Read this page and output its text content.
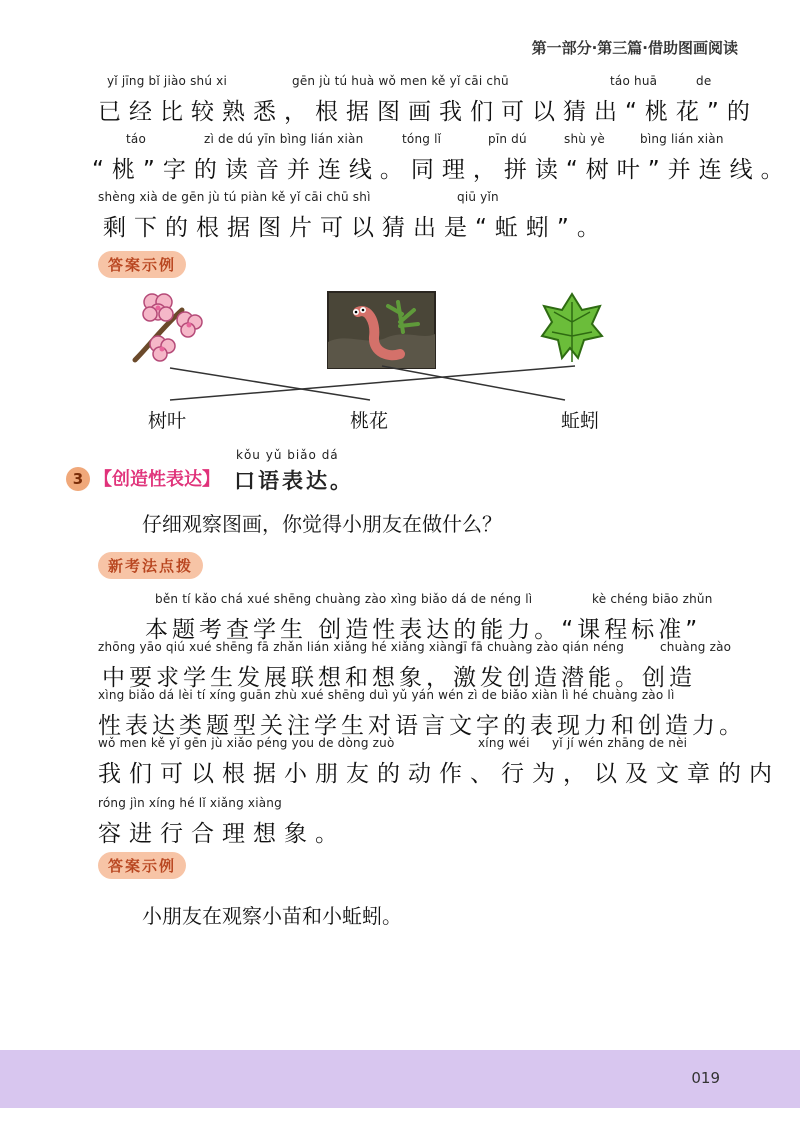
第一部分·第三篇·借助图画阅读
yǐ jīng bǐ jiào shú xi	gēn jù tú huà wǒ men kě yǐ cāi chū	táo huā	de
已经比较熟悉，根据图画我们可以猜出“桃花”的
táo	zì de dú yīn bìng lián xiàn	tóng lǐ	pīn dú	shù yè	bìng lián xiàn
“桃”字的读音并连线。同理，拼读“树叶”并连线。
shèng xià de gēn jù tú piàn kě yǐ cāi chū shì	qiū yǐn
剩下的根据图片可以猜出是“蚯蚓”。
答案示例
树叶	桃花	蚯蚓
3 【创造性表达】
kǒu yǔ biǎo dá
口语表达。
仔细观察图画，你觉得小朋友在做什么？
新考法点拨
běn tí kǎo chá xué shēng chuàng zào xìng biǎo dá de néng lì	kè chéng biāo zhǔn
本题考查学生 创造性表达的能力。“课程标准”
zhōng yāo qiú xué shēng fā zhǎn lián xiǎng hé xiǎng xiàng
jī fā chuàng zào qián néng	chuàng zào
中要求学生发展联想和想象，激发创造潜能。创造
xìng biǎo dá lèi tí xíng guān zhù xué shēng duì yǔ yán wén zì de biǎo xiàn lì hé chuàng zào lì
性表达类题型关注学生对语言文字的表现力和创造力。
wǒ men kě yǐ gēn jù xiǎo péng you de dòng zuò	xíng wéi yǐ jí wén zhāng de nèi
我们可以根据小朋友的动作、行为，以及文章的内
róng jìn xíng hé lǐ xiǎng xiàng
容进行合理想象。
答案示例
小朋友在观察小苗和小蚯蚓。
019
